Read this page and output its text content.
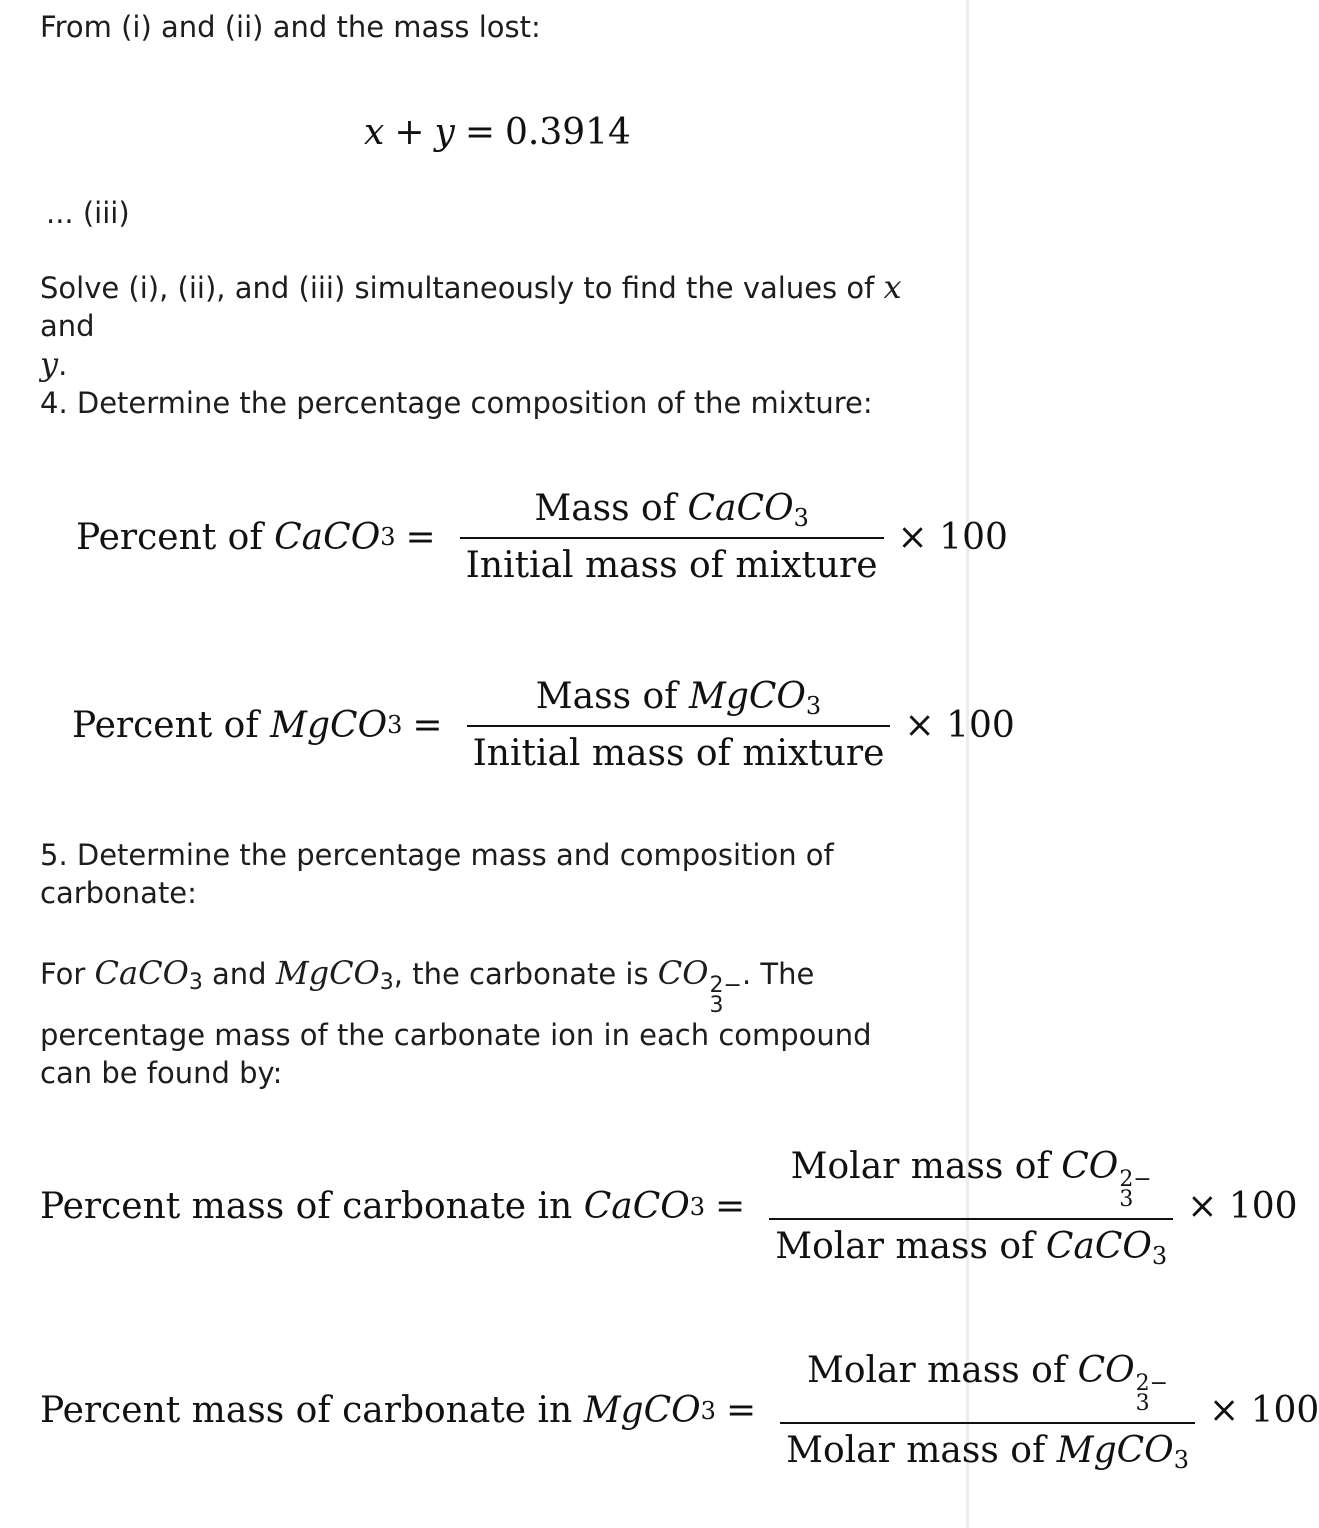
From (i) and (ii) and the mass lost:
x + y = 0.3914
... (iii)
Solve (i), (ii), and (iii) simultaneously to find the values of x and
y.
4. Determine the percentage composition of the mixture:
Percent of
CaCO $3 = \frac{Mass of CaCO_3}{\text{Initial mass of mixture}}$ ×
100
Percent of
MgCO $3 = \frac{Mass of MgCO_3}{\text{Initial mass of mixture}}$ ×
100
5. Determine the percentage mass and composition of carbonate:
For CaCO3 and MgCO3, the carbonate is CO 2−
3
. The percentage mass of the carbonate ion in each compound can be found by:
Percent mass of carbonate in
CaCO 3 = Molar mass of CO 2−
3
Molar mass of CaCO$_3$ ×
100
Percent mass of carbonate in
MgCO 3 = Molar mass of CO 2−
3
Molar mass of MgCO$_3$ ×
100
